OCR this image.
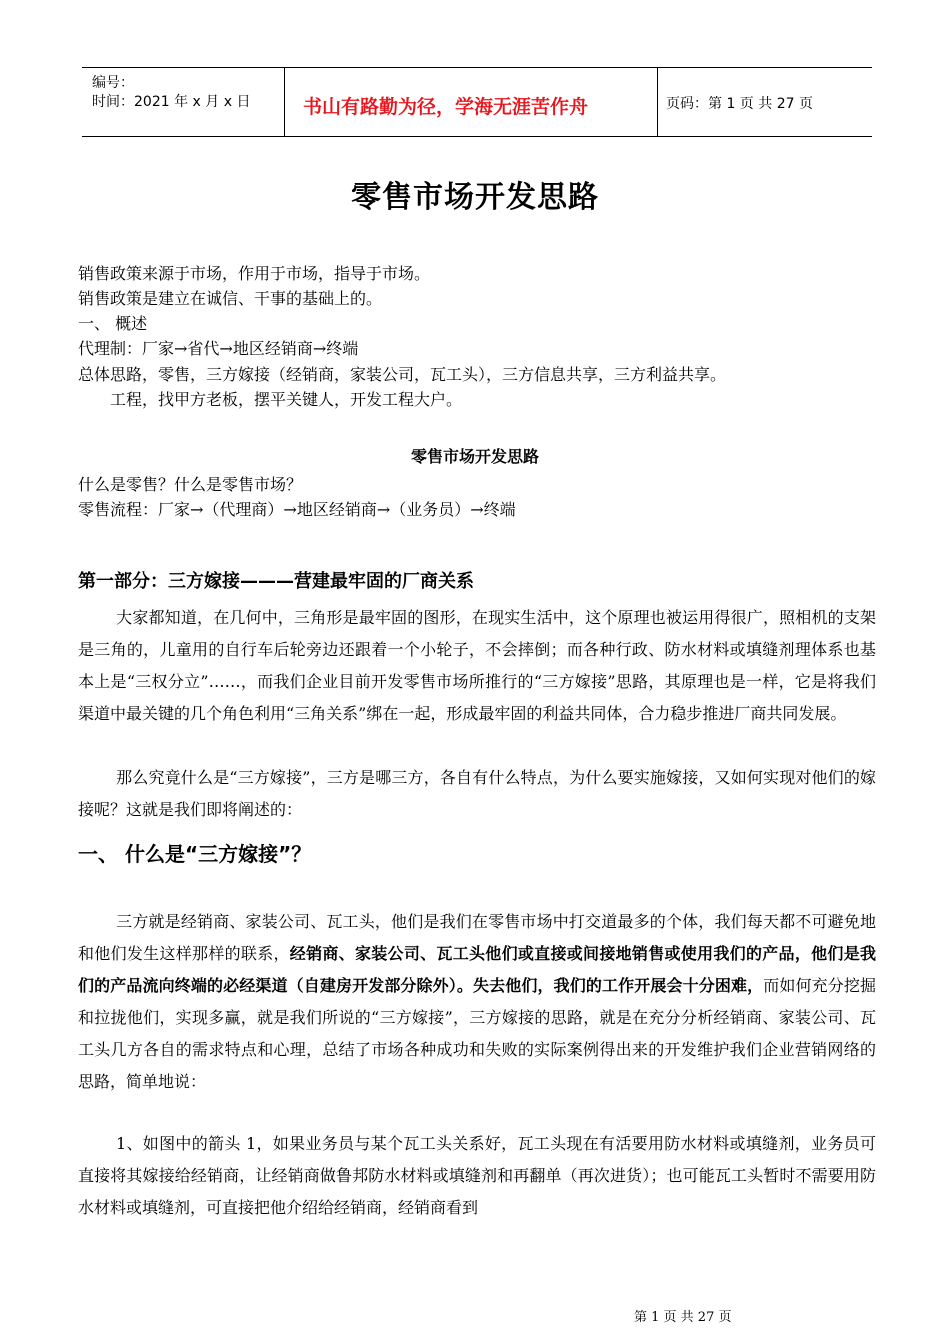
编号：
时间：2021 年 x 月 x 日	书山有路勤为径，学海无涯苦作舟	页码：第 1 页 共 27 页
零售市场开发思路
销售政策来源于市场，作用于市场，指导于市场。
销售政策是建立在诚信、干事的基础上的。
一、 概述
代理制：厂家→省代→地区经销商→终端
总体思路，零售，三方嫁接（经销商，家装公司，瓦工头），三方信息共享，三方利益共享。
　　工程，找甲方老板，摆平关键人，开发工程大户。
零售市场开发思路
什么是零售？什么是零售市场？
零售流程：厂家→（代理商）→地区经销商→（业务员）→终端
第一部分：三方嫁接———营建最牢固的厂商关系
大家都知道，在几何中，三角形是最牢固的图形，在现实生活中，这个原理也被运用得很广，照相机的支架是三角的，儿童用的自行车后轮旁边还跟着一个小轮子，不会摔倒；而各种行政、防水材料或填缝剂理体系也基本上是“三权分立”……，而我们企业目前开发零售市场所推行的“三方嫁接”思路，其原理也是一样，它是将我们渠道中最关键的几个角色利用“三角关系”绑在一起，形成最牢固的利益共同体，合力稳步推进厂商共同发展。
那么究竟什么是“三方嫁接”，三方是哪三方，各自有什么特点，为什么要实施嫁接，又如何实现对他们的嫁接呢？这就是我们即将阐述的：
一、 什么是“三方嫁接”？
三方就是经销商、家装公司、瓦工头，他们是我们在零售市场中打交道最多的个体，我们每天都不可避免地和他们发生这样那样的联系，经销商、家装公司、瓦工头他们或直接或间接地销售或使用我们的产品，他们是我们的产品流向终端的必经渠道（自建房开发部分除外）。失去他们，我们的工作开展会十分困难，而如何充分挖掘和拉拢他们，实现多赢，就是我们所说的“三方嫁接”，三方嫁接的思路，就是在充分分析经销商、家装公司、瓦工头几方各自的需求特点和心理，总结了市场各种成功和失败的实际案例得出来的开发维护我们企业营销网络的思路，简单地说：
1、如图中的箭头 1，如果业务员与某个瓦工头关系好，瓦工头现在有活要用防水材料或填缝剂，业务员可直接将其嫁接给经销商，让经销商做鲁邦防水材料或填缝剂和再翻单（再次进货）；也可能瓦工头暂时不需要用防水材料或填缝剂，可直接把他介绍给经销商，经销商看到
第 1 页 共 27 页
